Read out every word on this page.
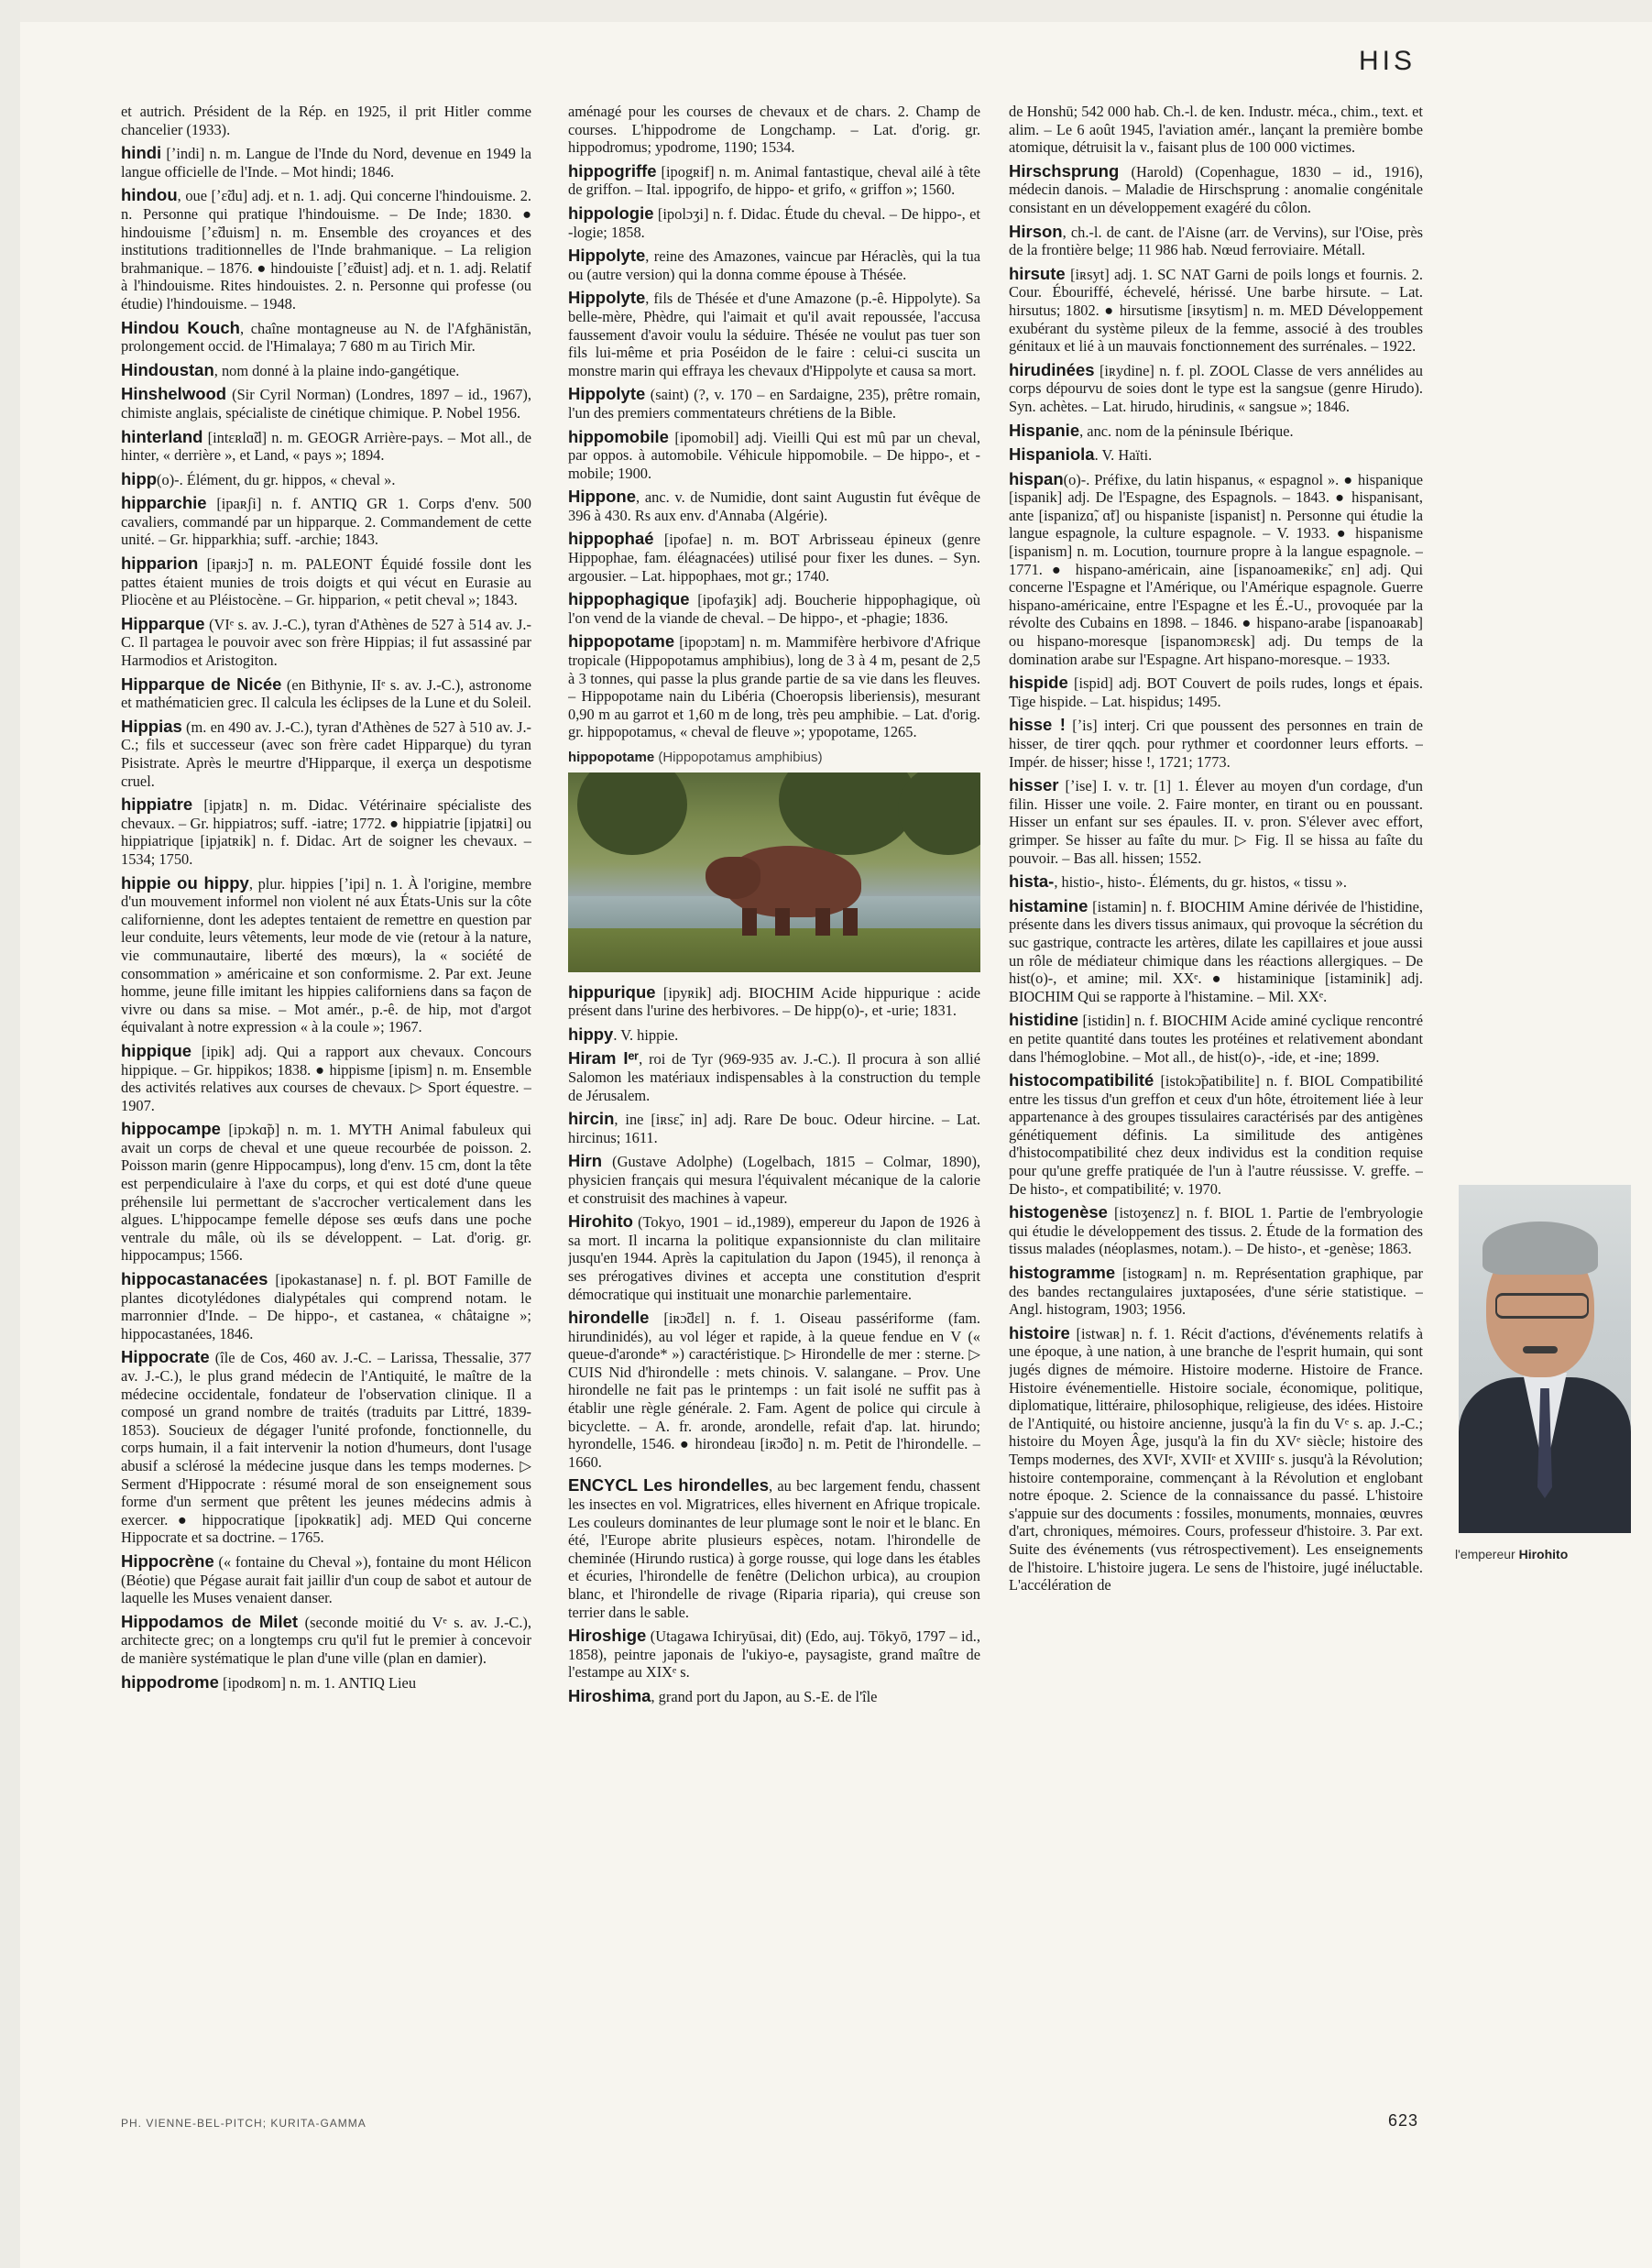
HIS
et autrich. Président de la Rép. en 1925, il prit Hitler comme chancelier (1933).
hindi [ʼindi] n. m. Langue de l'Inde du Nord, devenue en 1949 la langue officielle de l'Inde. – Mot hindi; 1846.
hindou, oue [ʼɛ̃du] adj. et n. 1. adj. Qui concerne l'hindouisme. 2. n. Personne qui pratique l'hindouisme. – De Inde; 1830. ● hindouisme [ʼɛ̃duism] n. m. Ensemble des croyances et des institutions traditionnelles de l'Inde brahmanique. – La religion brahmanique. – 1876. ● hindouiste [ʼɛ̃duist] adj. et n. 1. adj. Relatif à l'hindouisme. Rites hindouistes. 2. n. Personne qui professe (ou étudie) l'hindouisme. – 1948.
Hindou Kouch, chaîne montagneuse au N. de l'Afghānistān, prolongement occid. de l'Himalaya; 7 680 m au Tirich Mir.
Hindoustan, nom donné à la plaine indo-gangétique.
Hinshelwood (Sir Cyril Norman) (Londres, 1897 – id., 1967), chimiste anglais, spécialiste de cinétique chimique. P. Nobel 1956.
hinterland [intɛʀlɑ̃d] n. m. GEOGR Arrière-pays. – Mot all., de hinter, « derrière », et Land, « pays »; 1894.
hipp(o)-. Élément, du gr. hippos, « cheval ».
hipparchie [ipaʀʃi] n. f. ANTIQ GR 1. Corps d'env. 500 cavaliers, commandé par un hipparque. 2. Commandement de cette unité. – Gr. hipparkhia; suff. -archie; 1843.
hipparion [ipaʀjɔ̃] n. m. PALEONT Équidé fossile dont les pattes étaient munies de trois doigts et qui vécut en Eurasie au Pliocène et au Pléistocène. – Gr. hipparion, « petit cheval »; 1843.
Hipparque (VIᵉ s. av. J.-C.), tyran d'Athènes de 527 à 514 av. J.-C. Il partagea le pouvoir avec son frère Hippias; il fut assassiné par Harmodios et Aristogiton.
Hipparque de Nicée (en Bithynie, IIᵉ s. av. J.-C.), astronome et mathématicien grec. Il calcula les éclipses de la Lune et du Soleil.
Hippias (m. en 490 av. J.-C.), tyran d'Athènes de 527 à 510 av. J.-C.; fils et successeur (avec son frère cadet Hipparque) du tyran Pisistrate. Après le meurtre d'Hipparque, il exerça un despotisme cruel.
hippiatre [ipjatʀ] n. m. Didac. Vétérinaire spécialiste des chevaux. – Gr. hippiatros; suff. -iatre; 1772. ● hippiatrie [ipjatʀi] ou hippiatrique [ipjatʀik] n. f. Didac. Art de soigner les chevaux. – 1534; 1750.
hippie ou hippy, plur. hippies [ʼipi] n. 1. À l'origine, membre d'un mouvement informel non violent né aux États-Unis sur la côte californienne, dont les adeptes tentaient de remettre en question par leur conduite, leurs vêtements, leur mode de vie (retour à la nature, vie communautaire, liberté des mœurs), la « société de consommation » américaine et son conformisme. 2. Par ext. Jeune homme, jeune fille imitant les hippies californiens dans sa façon de vivre ou dans sa mise. – Mot amér., p.-ê. de hip, mot d'argot équivalant à notre expression « à la coule »; 1967.
hippique [ipik] adj. Qui a rapport aux chevaux. Concours hippique. – Gr. hippikos; 1838. ● hippisme [ipism] n. m. Ensemble des activités relatives aux courses de chevaux. ▷ Sport équestre. – 1907.
hippocampe [ipɔkɑ̃p] n. m. 1. MYTH Animal fabuleux qui avait un corps de cheval et une queue recourbée de poisson. 2. Poisson marin (genre Hippocampus), long d'env. 15 cm, dont la tête est perpendiculaire à l'axe du corps, et qui est doté d'une queue préhensile lui permettant de s'accrocher verticalement dans les algues. L'hippocampe femelle dépose ses œufs dans une poche ventrale du mâle, où ils se développent. – Lat. d'orig. gr. hippocampus; 1566.
hippocastanacées [ipokastanase] n. f. pl. BOT Famille de plantes dicotylédones dialypétales qui comprend notam. le marronnier d'Inde. – De hippo-, et castanea, « châtaigne »; hippocastanées, 1846.
Hippocrate (île de Cos, 460 av. J.-C. – Larissa, Thessalie, 377 av. J.-C.), le plus grand médecin de l'Antiquité, le maître de la médecine occidentale, fondateur de l'observation clinique. Il a composé un grand nombre de traités (traduits par Littré, 1839-1853). Soucieux de dégager l'unité profonde, fonctionnelle, du corps humain, il a fait intervenir la notion d'humeurs, dont l'usage abusif a sclérosé la médecine jusque dans les temps modernes. ▷ Serment d'Hippocrate : résumé moral de son enseignement sous forme d'un serment que prêtent les jeunes médecins admis à exercer. ● hippocratique [ipokʀatik] adj. MED Qui concerne Hippocrate et sa doctrine. – 1765.
Hippocrène (« fontaine du Cheval »), fontaine du mont Hélicon (Béotie) que Pégase aurait fait jaillir d'un coup de sabot et autour de laquelle les Muses venaient danser.
Hippodamos de Milet (seconde moitié du Vᵉ s. av. J.-C.), architecte grec; on a longtemps cru qu'il fut le premier à concevoir de manière systématique le plan d'une ville (plan en damier).
hippodrome [ipodʀom] n. m. 1. ANTIQ Lieu
aménagé pour les courses de chevaux et de chars. 2. Champ de courses. L'hippodrome de Longchamp. – Lat. d'orig. gr. hippodromus; ypodrome, 1190; 1534.
hippogriffe [ipogʀif] n. m. Animal fantastique, cheval ailé à tête de griffon. – Ital. ippogrifo, de hippo- et grifo, « griffon »; 1560.
hippologie [ipolɔʒi] n. f. Didac. Étude du cheval. – De hippo-, et -logie; 1858.
Hippolyte, reine des Amazones, vaincue par Héraclès, qui la tua ou (autre version) qui la donna comme épouse à Thésée.
Hippolyte, fils de Thésée et d'une Amazone (p.-ê. Hippolyte). Sa belle-mère, Phèdre, qui l'aimait et qu'il avait repoussée, l'accusa faussement d'avoir voulu la séduire. Thésée ne voulut pas tuer son fils lui-même et pria Poséidon de le faire : celui-ci suscita un monstre marin qui effraya les chevaux d'Hippolyte et causa sa mort.
Hippolyte (saint) (?, v. 170 – en Sardaigne, 235), prêtre romain, l'un des premiers commentateurs chrétiens de la Bible.
hippomobile [ipomobil] adj. Vieilli Qui est mû par un cheval, par oppos. à automobile. Véhicule hippomobile. – De hippo-, et -mobile; 1900.
Hippone, anc. v. de Numidie, dont saint Augustin fut évêque de 396 à 430. Rs aux env. d'Annaba (Algérie).
hippophaé [ipofae] n. m. BOT Arbrisseau épineux (genre Hippophae, fam. éléagnacées) utilisé pour fixer les dunes. – Syn. argousier. – Lat. hippophaes, mot gr.; 1740.
hippophagique [ipofaʒik] adj. Boucherie hippophagique, où l'on vend de la viande de cheval. – De hippo-, et -phagie; 1836.
hippopotame [ipopɔtam] n. m. Mammifère herbivore d'Afrique tropicale (Hippopotamus amphibius), long de 3 à 4 m, pesant de 2,5 à 3 tonnes, qui passe la plus grande partie de sa vie dans les fleuves. – Hippopotame nain du Libéria (Choeropsis liberiensis), mesurant 0,90 m au garrot et 1,60 m de long, très peu amphibie. – Lat. d'orig. gr. hippopotamus, « cheval de fleuve »; ypopotame, 1265.
hippopotame (Hippopotamus amphibius)
hippurique [ipyʀik] adj. BIOCHIM Acide hippurique : acide présent dans l'urine des herbivores. – De hipp(o)-, et -urie; 1831.
hippy. V. hippie.
Hiram Iᵉʳ, roi de Tyr (969-935 av. J.-C.). Il procura à son allié Salomon les matériaux indispensables à la construction du temple de Jérusalem.
hircin, ine [iʀsɛ̃, in] adj. Rare De bouc. Odeur hircine. – Lat. hircinus; 1611.
Hirn (Gustave Adolphe) (Logelbach, 1815 – Colmar, 1890), physicien français qui mesura l'équivalent mécanique de la calorie et construisit des machines à vapeur.
Hirohito (Tokyo, 1901 – id.,1989), empereur du Japon de 1926 à sa mort. Il incarna la politique expansionniste du clan militaire jusqu'en 1944. Après la capitulation du Japon (1945), il renonça à ses prérogatives divines et accepta une constitution d'esprit démocratique qui instituait une monarchie parlementaire.
hirondelle [iʀɔ̃dɛl] n. f. 1. Oiseau passériforme (fam. hirundinidés), au vol léger et rapide, à la queue fendue en V (« queue-d'aronde* ») caractéristique. ▷ Hirondelle de mer : sterne. ▷ CUIS Nid d'hirondelle : mets chinois. V. salangane. – Prov. Une hirondelle ne fait pas le printemps : un fait isolé ne suffit pas à établir une règle générale. 2. Fam. Agent de police qui circule à bicyclette. – A. fr. aronde, arondelle, refait d'ap. lat. hirundo; hyrondelle, 1546. ● hirondeau [iʀɔ̃do] n. m. Petit de l'hirondelle. – 1660.
ENCYCL Les hirondelles, au bec largement fendu, chassent les insectes en vol. Migratrices, elles hivernent en Afrique tropicale. Les couleurs dominantes de leur plumage sont le noir et le blanc. En été, l'Europe abrite plusieurs espèces, notam. l'hirondelle de cheminée (Hirundo rustica) à gorge rousse, qui loge dans les étables et écuries, l'hirondelle de fenêtre (Delichon urbica), au croupion blanc, et l'hirondelle de rivage (Riparia riparia), qui creuse son terrier dans le sable.
Hiroshige (Utagawa Ichiryūsai, dit) (Edo, auj. Tōkyō, 1797 – id., 1858), peintre japonais de l'ukiyo-e, paysagiste, grand maître de l'estampe au XIXᵉ s.
Hiroshima, grand port du Japon, au S.-E. de l'île
de Honshū; 542 000 hab. Ch.-l. de ken. Industr. méca., chim., text. et alim. – Le 6 août 1945, l'aviation amér., lançant la première bombe atomique, détruisit la v., faisant plus de 100 000 victimes.
Hirschsprung (Harold) (Copenhague, 1830 – id., 1916), médecin danois. – Maladie de Hirschsprung : anomalie congénitale consistant en un développement exagéré du côlon.
Hirson, ch.-l. de cant. de l'Aisne (arr. de Vervins), sur l'Oise, près de la frontière belge; 11 986 hab. Nœud ferroviaire. Métall.
hirsute [iʀsyt] adj. 1. SC NAT Garni de poils longs et fournis. 2. Cour. Ébouriffé, échevelé, hérissé. Une barbe hirsute. – Lat. hirsutus; 1802. ● hirsutisme [iʀsytism] n. m. MED Développement exubérant du système pileux de la femme, associé à des troubles génitaux et lié à un mauvais fonctionnement des surrénales. – 1922.
hirudinées [iʀydine] n. f. pl. ZOOL Classe de vers annélides au corps dépourvu de soies dont le type est la sangsue (genre Hirudo). Syn. achètes. – Lat. hirudo, hirudinis, « sangsue »; 1846.
Hispanie, anc. nom de la péninsule Ibérique.
Hispaniola. V. Haïti.
hispan(o)-. Préfixe, du latin hispanus, « espagnol ». ● hispanique [ispanik] adj. De l'Espagne, des Espagnols. – 1843. ● hispanisant, ante [ispanizɑ̃, ɑ̃t] ou hispaniste [ispanist] n. Personne qui étudie la langue espagnole, la culture espagnole. – V. 1933. ● hispanisme [ispanism] n. m. Locution, tournure propre à la langue espagnole. – 1771. ● hispano-américain, aine [ispanoameʀikɛ̃, ɛn] adj. Qui concerne l'Espagne et l'Amérique, ou l'Amérique espagnole. Guerre hispano-américaine, entre l'Espagne et les É.-U., provoquée par la révolte des Cubains en 1898. – 1846. ● hispano-arabe [ispanoaʀab] ou hispano-moresque [ispanomɔʀɛsk] adj. Du temps de la domination arabe sur l'Espagne. Art hispano-moresque. – 1933.
hispide [ispid] adj. BOT Couvert de poils rudes, longs et épais. Tige hispide. – Lat. hispidus; 1495.
hisse ! [ʼis] interj. Cri que poussent des personnes en train de hisser, de tirer qqch. pour rythmer et coordonner leurs efforts. – Impér. de hisser; hisse !, 1721; 1773.
hisser [ʼise] I. v. tr. [1] 1. Élever au moyen d'un cordage, d'un filin. Hisser une voile. 2. Faire monter, en tirant ou en poussant. Hisser un enfant sur ses épaules. II. v. pron. S'élever avec effort, grimper. Se hisser au faîte du mur. ▷ Fig. Il se hissa au faîte du pouvoir. – Bas all. hissen; 1552.
hista-, histio-, histo-. Éléments, du gr. histos, « tissu ».
histamine [istamin] n. f. BIOCHIM Amine dérivée de l'histidine, présente dans les divers tissus animaux, qui provoque la sécrétion du suc gastrique, contracte les artères, dilate les capillaires et joue aussi un rôle de médiateur chimique dans les réactions allergiques. – De hist(o)-, et amine; mil. XXᵉ. ● histaminique [istaminik] adj. BIOCHIM Qui se rapporte à l'histamine. – Mil. XXᵉ.
histidine [istidin] n. f. BIOCHIM Acide aminé cyclique rencontré en petite quantité dans toutes les protéines et relativement abondant dans l'hémoglobine. – Mot all., de hist(o)-, -ide, et -ine; 1899.
histocompatibilité [istokɔ̃patibilite] n. f. BIOL Compatibilité entre les tissus d'un greffon et ceux d'un hôte, étroitement liée à leur appartenance à des groupes tissulaires caractérisés par des antigènes génétiquement définis. La similitude des antigènes d'histocompatibilité chez deux individus est la condition requise pour qu'une greffe pratiquée de l'un à l'autre réussisse. V. greffe. – De histo-, et compatibilité; v. 1970.
histogenèse [istoʒenɛz] n. f. BIOL 1. Partie de l'embryologie qui étudie le développement des tissus. 2. Étude de la formation des tissus malades (néoplasmes, notam.). – De histo-, et -genèse; 1863.
histogramme [istogʀam] n. m. Représentation graphique, par des bandes rectangulaires juxtaposées, d'une série statistique. – Angl. histogram, 1903; 1956.
histoire [istwaʀ] n. f. 1. Récit d'actions, d'événements relatifs à une époque, à une nation, à une branche de l'esprit humain, qui sont jugés dignes de mémoire. Histoire moderne. Histoire de France. Histoire événementielle. Histoire sociale, économique, politique, diplomatique, littéraire, philosophique, religieuse, des idées. Histoire de l'Antiquité, ou histoire ancienne, jusqu'à la fin du Vᵉ s. ap. J.-C.; histoire du Moyen Âge, jusqu'à la fin du XVᵉ siècle; histoire des Temps modernes, des XVIᵉ, XVIIᵉ et XVIIIᵉ s. jusqu'à la Révolution; histoire contemporaine, commençant à la Révolution et englobant notre époque. 2. Science de la connaissance du passé. L'histoire s'appuie sur des documents : fossiles, monuments, monnaies, œuvres d'art, chroniques, mémoires. Cours, professeur d'histoire. 3. Par ext. Suite des événements (vus rétrospectivement). Les enseignements de l'histoire. L'histoire jugera. Le sens de l'histoire, jugé inéluctable. L'accélération de
l'empereur Hirohito
PH. VIENNE-BEL-PITCH; KURITA-GAMMA	623
